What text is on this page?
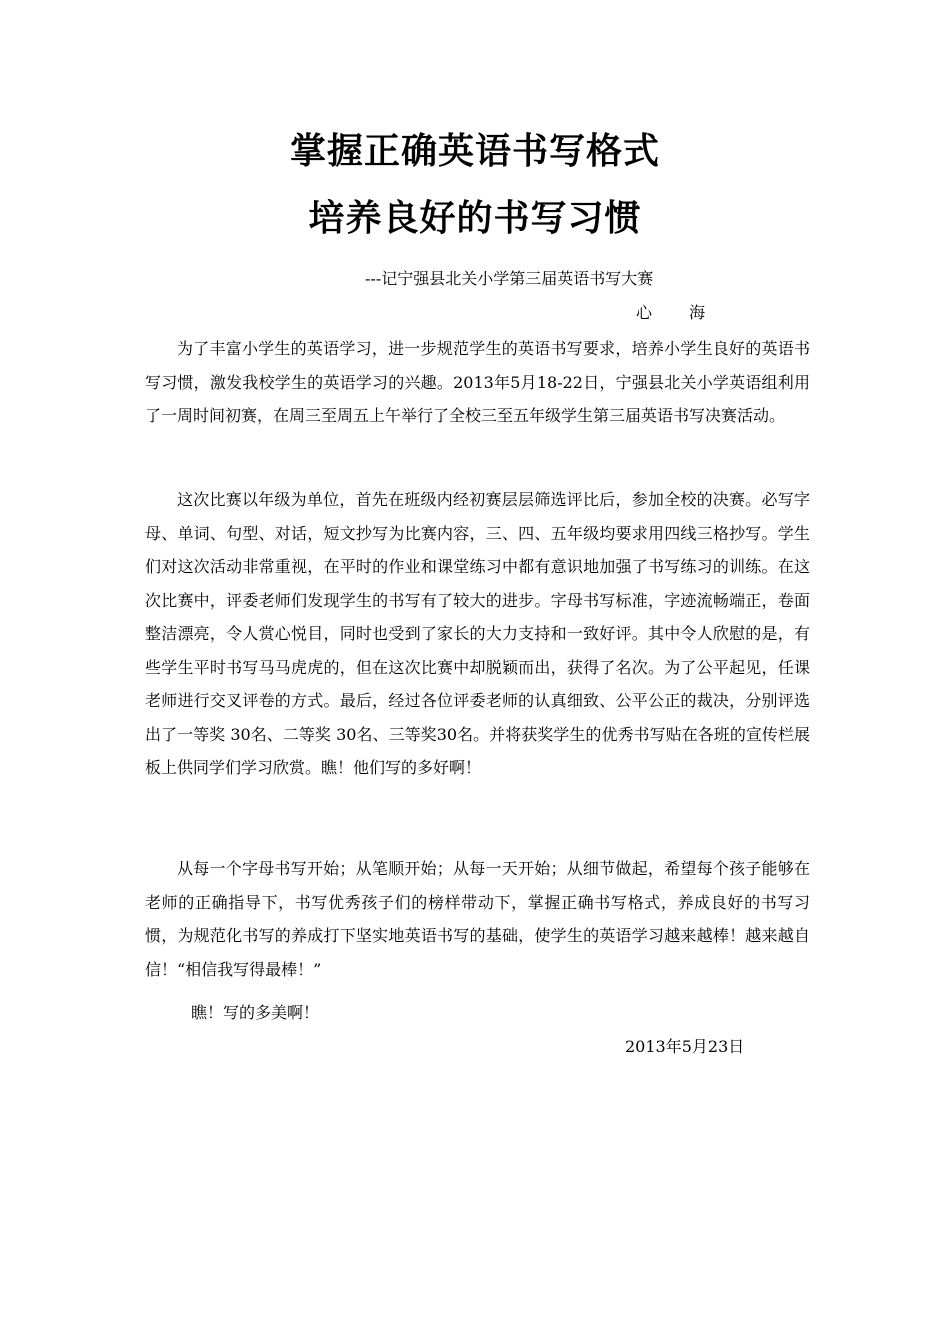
掌握正确英语书写格式
培养良好的书写习惯
---记宁强县北关小学第三届英语书写大赛
心 海

为了丰富小学生的英语学习，进一步规范学生的英语书写要求，培养小学生良好的英语书写习惯，激发我校学生的英语学习的兴趣。2013年5月18-22日，宁强县北关小学英语组利用了一周时间初赛，在周三至周五上午举行了全校三至五年级学生第三届英语书写决赛活动。

这次比赛以年级为单位，首先在班级内经初赛层层筛选评比后，参加全校的决赛。必写字母、单词、句型、对话，短文抄写为比赛内容，三、四、五年级均要求用四线三格抄写。学生们对这次活动非常重视，在平时的作业和课堂练习中都有意识地加强了书写练习的训练。在这次比赛中，评委老师们发现学生的书写有了较大的进步。字母书写标准，字迹流畅端正，卷面整洁漂亮，令人赏心悦目，同时也受到了家长的大力支持和一致好评。其中令人欣慰的是，有些学生平时书写马马虎虎的，但在这次比赛中却脱颖而出，获得了名次。为了公平起见，任课老师进行交叉评卷的方式。最后，经过各位评委老师的认真细致、公平公正的裁决，分别评选出了一等奖 30名、二等奖 30名、三等奖30名。并将获奖学生的优秀书写贴在各班的宣传栏展板上供同学们学习欣赏。瞧！他们写的多好啊！

从每一个字母书写开始；从笔顺开始；从每一天开始；从细节做起，希望每个孩子能够在老师的正确指导下，书写优秀孩子们的榜样带动下，掌握正确书写格式，养成良好的书写习惯，为规范化书写的养成打下坚实地英语书写的基础，使学生的英语学习越来越棒！越来越自信！“相信我写得最棒！”

瞧！写的多美啊！
2013年5月23日
